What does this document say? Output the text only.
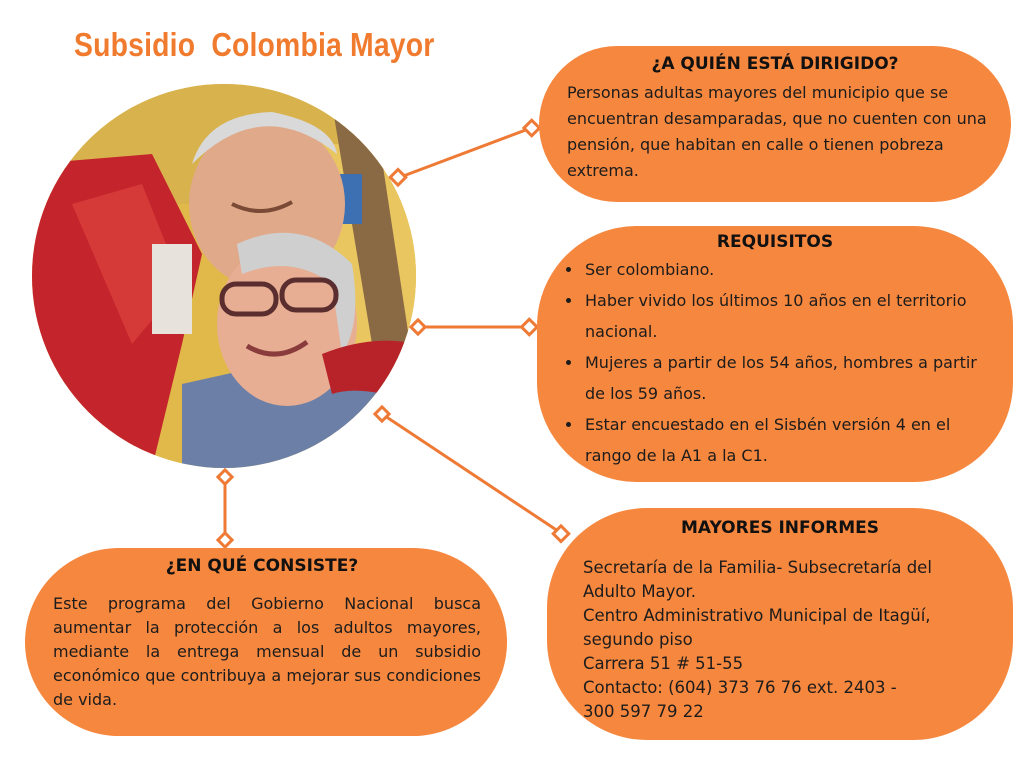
Subsidio  Colombia Mayor
¿A QUIÉN ESTÁ DIRIGIDO?

Personas adultas mayores del municipio que se encuentran desamparadas, que no cuenten con una pensión, que habitan en calle o tienen pobreza extrema.

REQUISITOS
• Ser colombiano.
• Haber vivido los últimos 10 años en el territorio nacional.
• Mujeres a partir de los 54 años, hombres a partir de los 59 años.
• Estar encuestado en el Sisbén versión 4 en el rango de la A1 a la C1.
MAYORES INFORMES
Secretaría de la Familia- Subsecretaría del
Adulto Mayor.
Centro Administrativo Municipal de Itagüí,
segundo piso
Carrera 51 # 51-55
Contacto: (604) 373 76 76 ext. 2403 -
300 597 79 22
¿EN QUÉ CONSISTE?

Este programa del Gobierno Nacional busca aumentar la protección a los adultos mayores, mediante la entrega mensual de un subsidio económico que contribuya a mejorar sus condiciones de vida.
